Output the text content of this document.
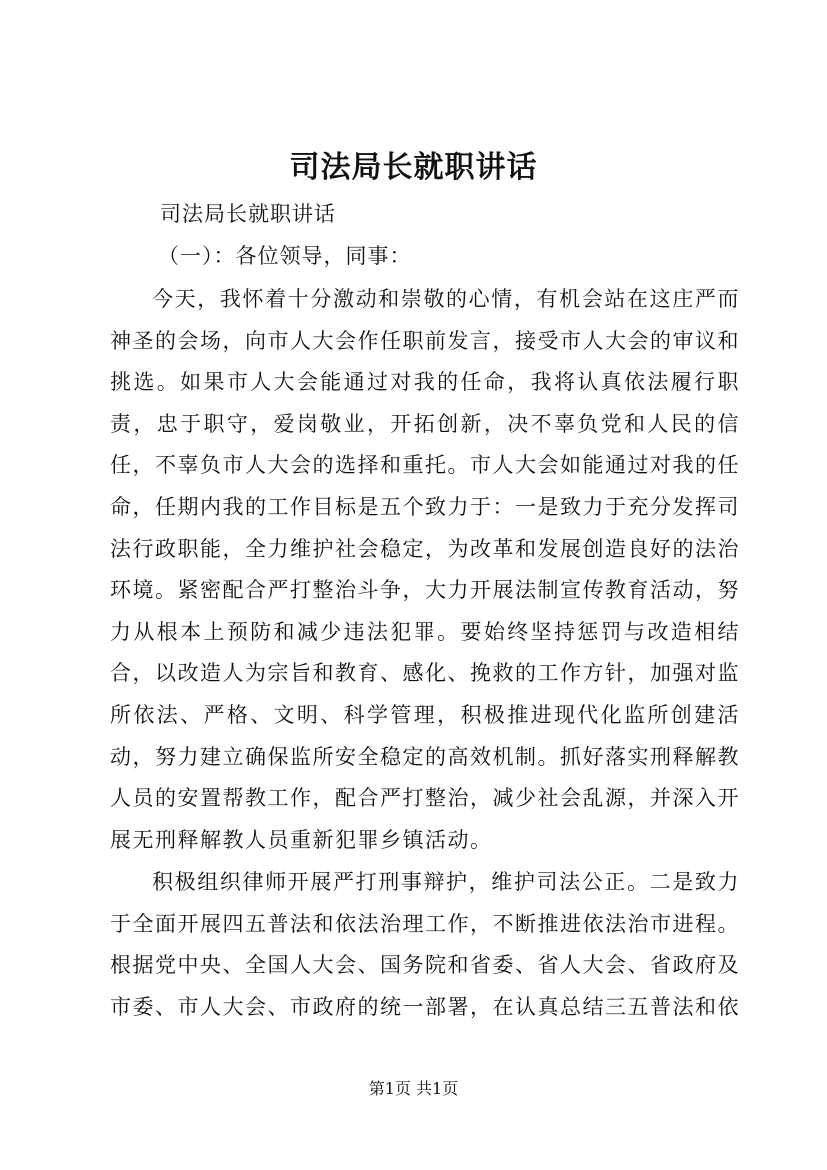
司法局长就职讲话

司法局长就职讲话

（一）：各位领导，同事：

今天，我怀着十分激动和崇敬的心情，有机会站在这庄严而神圣的会场，向市人大会作任职前发言，接受市人大会的审议和挑选。如果市人大会能通过对我的任命，我将认真依法履行职责，忠于职守，爱岗敬业，开拓创新，决不辜负党和人民的信任，不辜负市人大会的选择和重托。市人大会如能通过对我的任命，任期内我的工作目标是五个致力于：一是致力于充分发挥司法行政职能，全力维护社会稳定，为改革和发展创造良好的法治环境。紧密配合严打整治斗争，大力开展法制宣传教育活动，努力从根本上预防和减少违法犯罪。要始终坚持惩罚与改造相结合，以改造人为宗旨和教育、感化、挽救的工作方针，加强对监所依法、严格、文明、科学管理，积极推进现代化监所创建活动，努力建立确保监所安全稳定的高效机制。抓好落实刑释解教人员的安置帮教工作，配合严打整治，减少社会乱源，并深入开展无刑释解教人员重新犯罪乡镇活动。

积极组织律师开展严打刑事辩护，维护司法公正。二是致力于全面开展四五普法和依法治理工作，不断推进依法治市进程。根据党中央、全国人大会、国务院和省委、省人大会、省政府及市委、市人大会、市政府的统一部署，在认真总结三五普法和依

第1页 共1页
